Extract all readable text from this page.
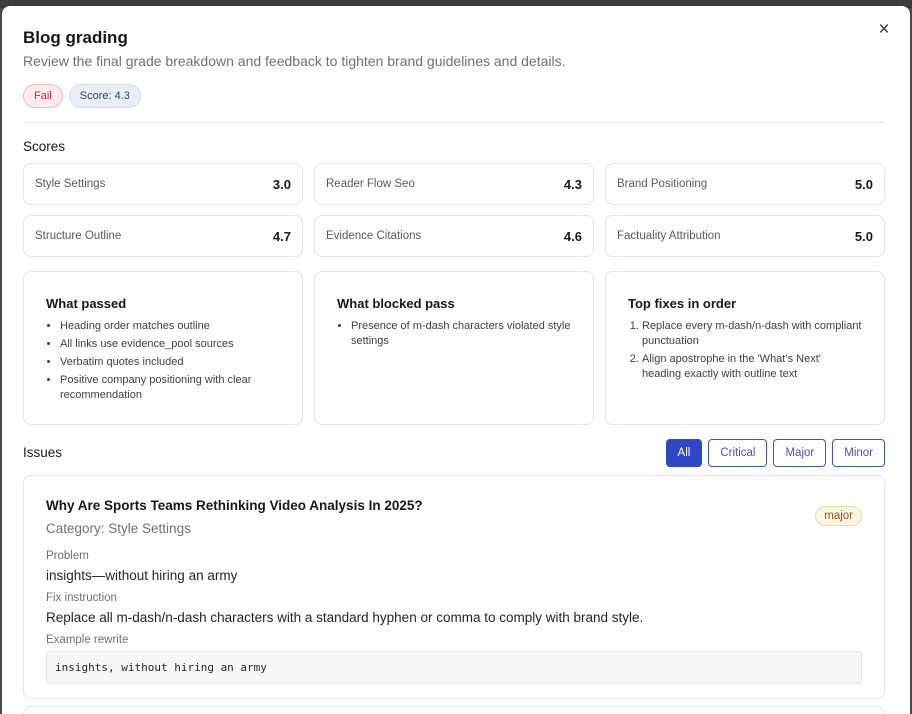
×
Blog grading
Review the final grade breakdown and feedback to tighten brand guidelines and details.
Fail	Score: 4.3
Scores
Style Settings	3.0	Reader Flow Seo	4.3	Brand Positioning	5.0
Structure Outline	4.7	Evidence Citations	4.6	Factuality Attribution	5.0
What passed
• Heading order matches outline
• All links use evidence_pool sources
• Verbatim quotes included
• Positive company positioning with clear recommendation
What blocked pass
• Presence of m-dash characters violated style settings
Top fixes in order
1. Replace every m-dash/n-dash with compliant punctuation
2. Align apostrophe in the 'What’s Next' heading exactly with outline text
Issues	All	Critical	Major	Minor
Why Are Sports Teams Rethinking Video Analysis In 2025?
Category: Style Settings
major
Problem
insights—without hiring an army
Fix instruction
Replace all m-dash/n-dash characters with a standard hyphen or comma to comply with brand style.
Example rewrite
insights, without hiring an army
